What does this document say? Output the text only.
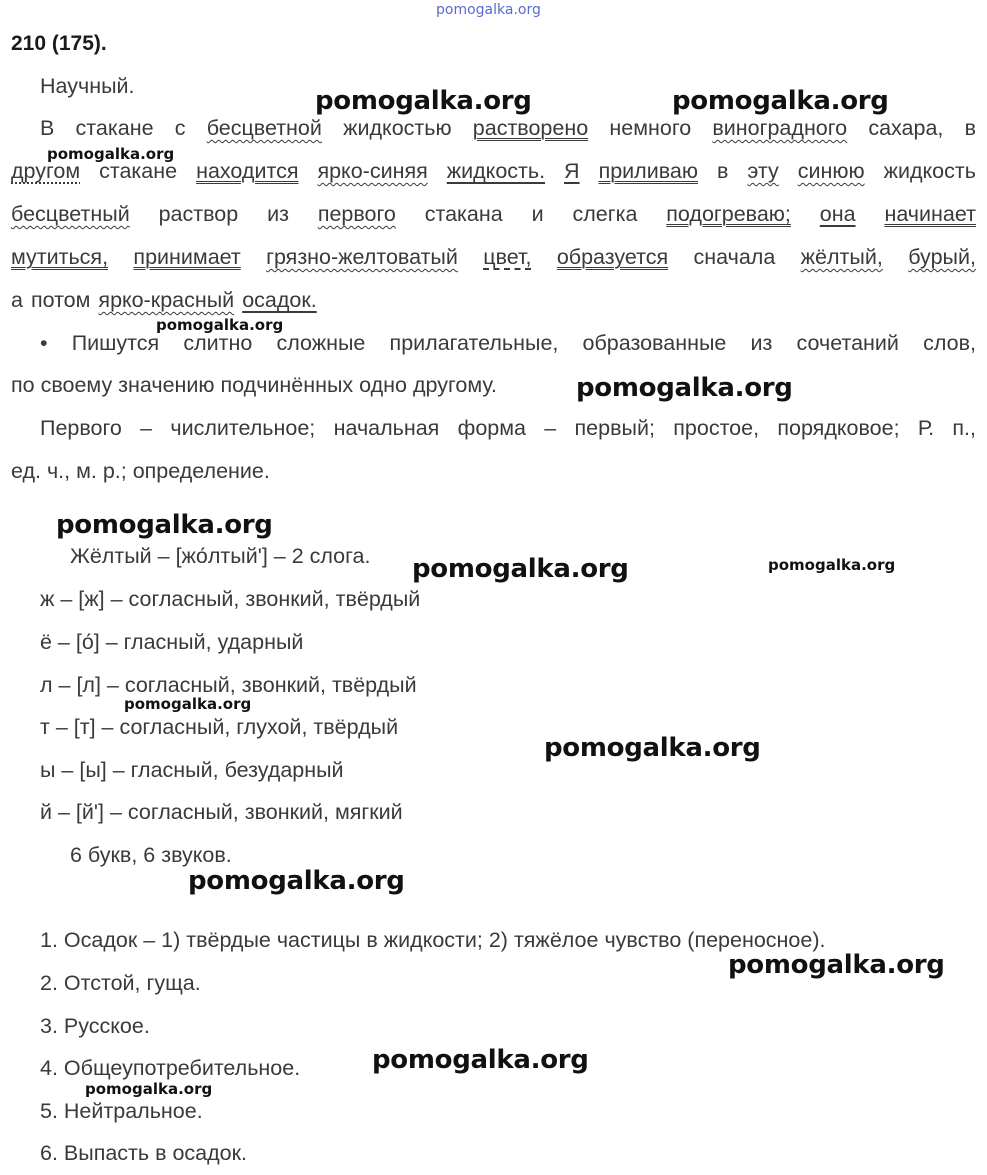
pomogalka.org
210 (175).
Научный.
В стакане с бесцветной жидкостью растворено немного виноградного сахара, в
другом стакане находится ярко-синяя жидкость. Я приливаю в эту синюю жидкость
бесцветный раствор из первого стакана и слегка подогреваю; она начинает
мутиться, принимает грязно-желтоватый цвет, образуется сначала жёлтый, бурый,
а потом ярко-красный осадок.
• Пишутся слитно сложные прилагательные, образованные из сочетаний слов,
по своему значению подчинённых одно другому.
Первого – числительное; начальная форма – первый; простое, порядковое; Р. п.,
ед. ч., м. р.; определение.
Жёлтый – [жо́лтый'] – 2 слога.
ж – [ж] – согласный, звонкий, твёрдый
ё – [о́] – гласный, ударный
л – [л] – согласный, звонкий, твёрдый
т – [т] – согласный, глухой, твёрдый
ы – [ы] – гласный, безударный
й – [й'] – согласный, звонкий, мягкий
6 букв, 6 звуков.
1. Осадок – 1) твёрдые частицы в жидкости; 2) тяжёлое чувство (переносное).
2. Отстой, гуща.
3. Русское.
4. Общеупотребительное.
5. Нейтральное.
6. Выпасть в осадок.
pomogalka.org	pomogalka.org
pomogalka.org
pomogalka.org
pomogalka.org
pomogalka.org
pomogalka.org	pomogalka.org
pomogalka.org
pomogalka.org
pomogalka.org
pomogalka.org
pomogalka.org
pomogalka.org
